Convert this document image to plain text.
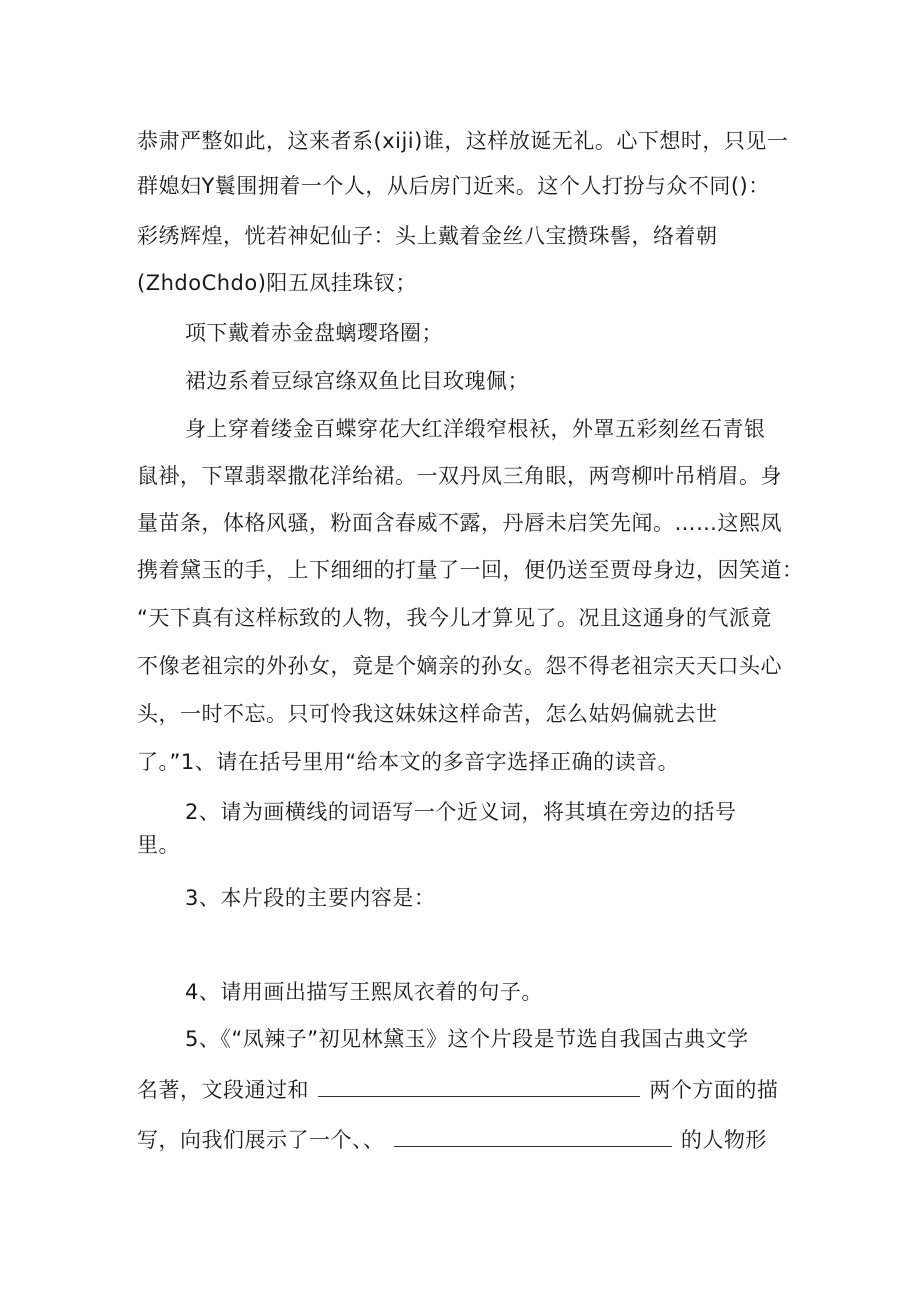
恭肃严整如此，这来者系(xiji)谁，这样放诞无礼。心下想时，只见一
群媳妇Y鬟围拥着一个人，从后房门近来。这个人打扮与众不同()：
彩绣辉煌，恍若神妃仙子：头上戴着金丝八宝攒珠髻，络着朝
(ZhdoChdo)阳五凤挂珠钗；
项下戴着赤金盘螭璎珞圈；
裙边系着豆绿宫绦双鱼比目玫瑰佩；
身上穿着缕金百蝶穿花大红洋缎窄根袄，外罩五彩刻丝石青银
鼠褂，下罩翡翠撒花洋绐裙。一双丹凤三角眼，两弯柳叶吊梢眉。身
量苗条，体格风骚，粉面含春威不露，丹唇未启笑先闻。……这熙凤
携着黛玉的手，上下细细的打量了一回，便仍送至贾母身边，因笑道：
“天下真有这样标致的人物，我今儿才算见了。况且这通身的气派竟
不像老祖宗的外孙女，竟是个嫡亲的孙女。怨不得老祖宗天天口头心
头，一时不忘。只可怜我这妹妹这样命苦，怎么姑妈偏就去世
了。”1、请在括号里用“给本文的多音字选择正确的读音。
2、请为画横线的词语写一个近义词，将其填在旁边的括号
里。
3、本片段的主要内容是：
4、请用画出描写王熙凤衣着的句子。
5、《“凤辣子”初见林黛玉》这个片段是节选自我国古典文学
名著，文段通过和	两个方面的描
写，向我们展示了一个、、	的人物形
